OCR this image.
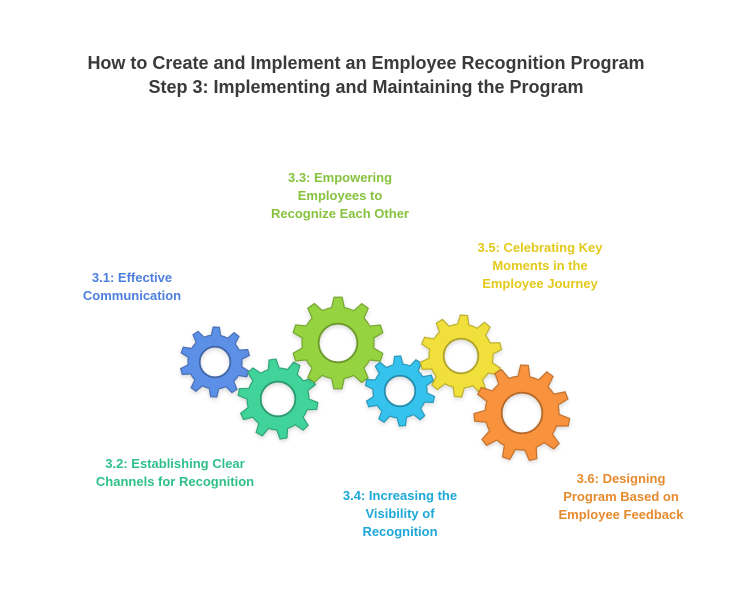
How to Create and Implement an Employee Recognition Program
Step 3: Implementing and Maintaining the Program
3.1: Effective
Communication
3.2: Establishing Clear
Channels for Recognition
3.3: Empowering
Employees to
Recognize Each Other
3.4: Increasing the
Visibility of
Recognition
3.5: Celebrating Key
Moments in the
Employee Journey
3.6: Designing
Program Based on
Employee Feedback
